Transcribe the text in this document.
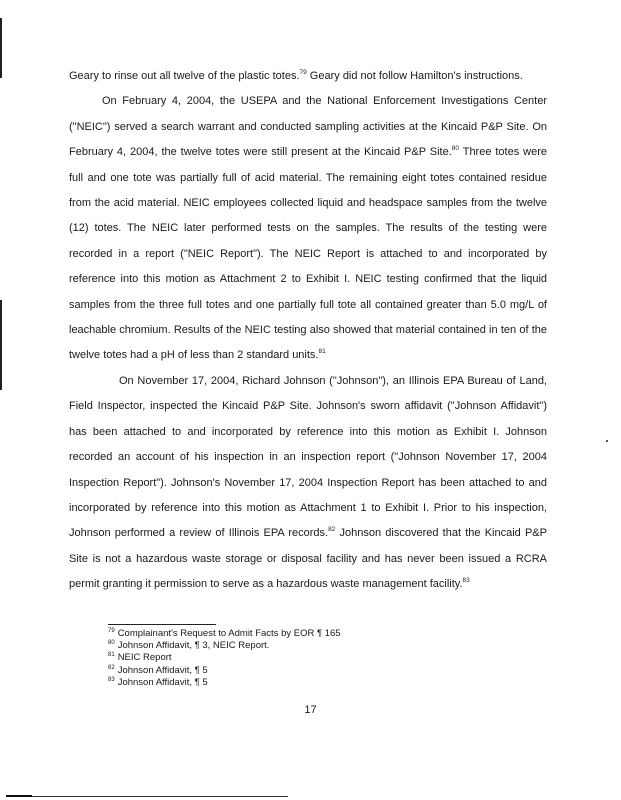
Geary to rinse out all twelve of the plastic totes.$^{79}$ Geary did not follow Hamilton's instructions.

On February 4, 2004, the USEPA and the National Enforcement Investigations Center ("NEIC") served a search warrant and conducted sampling activities at the Kincaid P&P Site. On February 4, 2004, the twelve totes were still present at the Kincaid P&P Site.$^{80}$ Three totes were full and one tote was partially full of acid material. The remaining eight totes contained residue from the acid material. NEIC employees collected liquid and headspace samples from the twelve (12) totes. The NEIC later performed tests on the samples. The results of the testing were recorded in a report ("NEIC Report"). The NEIC Report is attached to and incorporated by reference into this motion as Attachment 2 to Exhibit I. NEIC testing confirmed that the liquid samples from the three full totes and one partially full tote all contained greater than 5.0 mg/L of leachable chromium. Results of the NEIC testing also showed that material contained in ten of the twelve totes had a pH of less than 2 standard units.$^{81}$

On November 17, 2004, Richard Johnson ("Johnson"), an Illinois EPA Bureau of Land, Field Inspector, inspected the Kincaid P&P Site. Johnson's sworn affidavit ("Johnson Affidavit") has been attached to and incorporated by reference into this motion as Exhibit I. Johnson recorded an account of his inspection in an inspection report ("Johnson November 17, 2004 Inspection Report"). Johnson's November 17, 2004 Inspection Report has been attached to and incorporated by reference into this motion as Attachment 1 to Exhibit I. Prior to his inspection, Johnson performed a review of Illinois EPA records.$^{82}$ Johnson discovered that the Kincaid P&P Site is not a hazardous waste storage or disposal facility and has never been issued a RCRA permit granting it permission to serve as a hazardous waste management facility.$^{83}$

$^{79}$ Complainant's Request to Admit Facts by EOR ¶ 165
$^{80}$ Johnson Affidavit, ¶ 3, NEIC Report.
$^{81}$ NEIC Report
$^{82}$ Johnson Affidavit, ¶ 5
$^{83}$ Johnson Affidavit, ¶ 5
17
